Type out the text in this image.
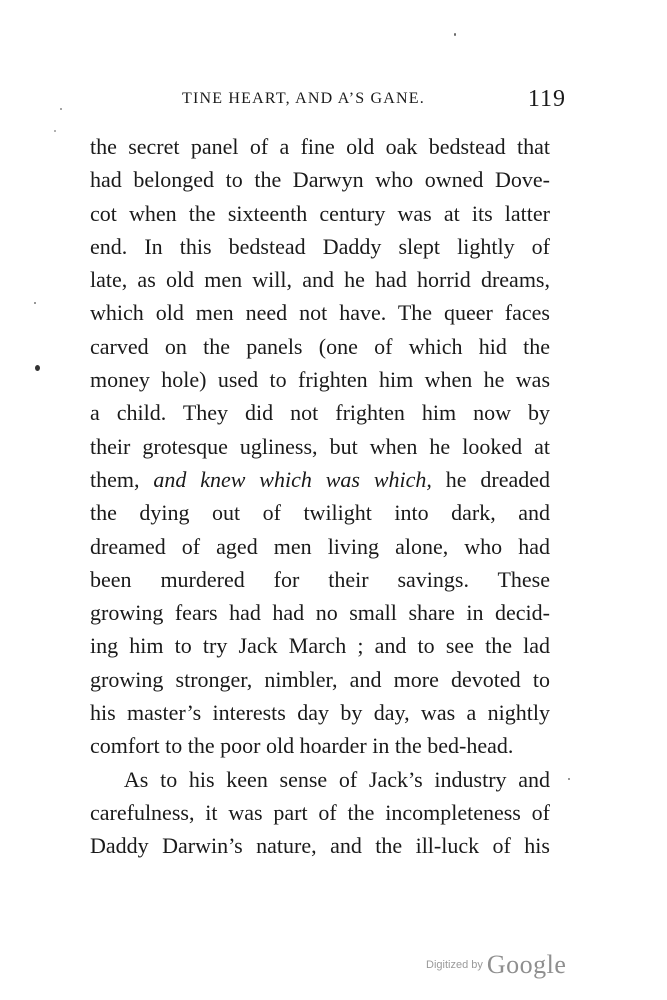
TINE HEART, AND A’S GANE.	119
the secret panel of a fine old oak bedstead that
had belonged to the Darwyn who owned Dove-
cot when the sixteenth century was at its latter
end. In this bedstead Daddy slept lightly of
late, as old men will, and he had horrid dreams,
which old men need not have. The queer faces
carved on the panels (one of which hid the
money hole) used to frighten him when he was
a child. They did not frighten him now by
their grotesque ugliness, but when he looked at
them, and knew which was which, he dreaded
the dying out of twilight into dark, and
dreamed of aged men living alone, who had
been murdered for their savings. These
growing fears had had no small share in decid-
ing him to try Jack March ; and to see the lad
growing stronger, nimbler, and more devoted to
his master’s interests day by day, was a nightly
comfort to the poor old hoarder in the bed-head.
As to his keen sense of Jack’s industry and
carefulness, it was part of the incompleteness of
Daddy Darwin’s nature, and the ill-luck of his
Digitized by Google
